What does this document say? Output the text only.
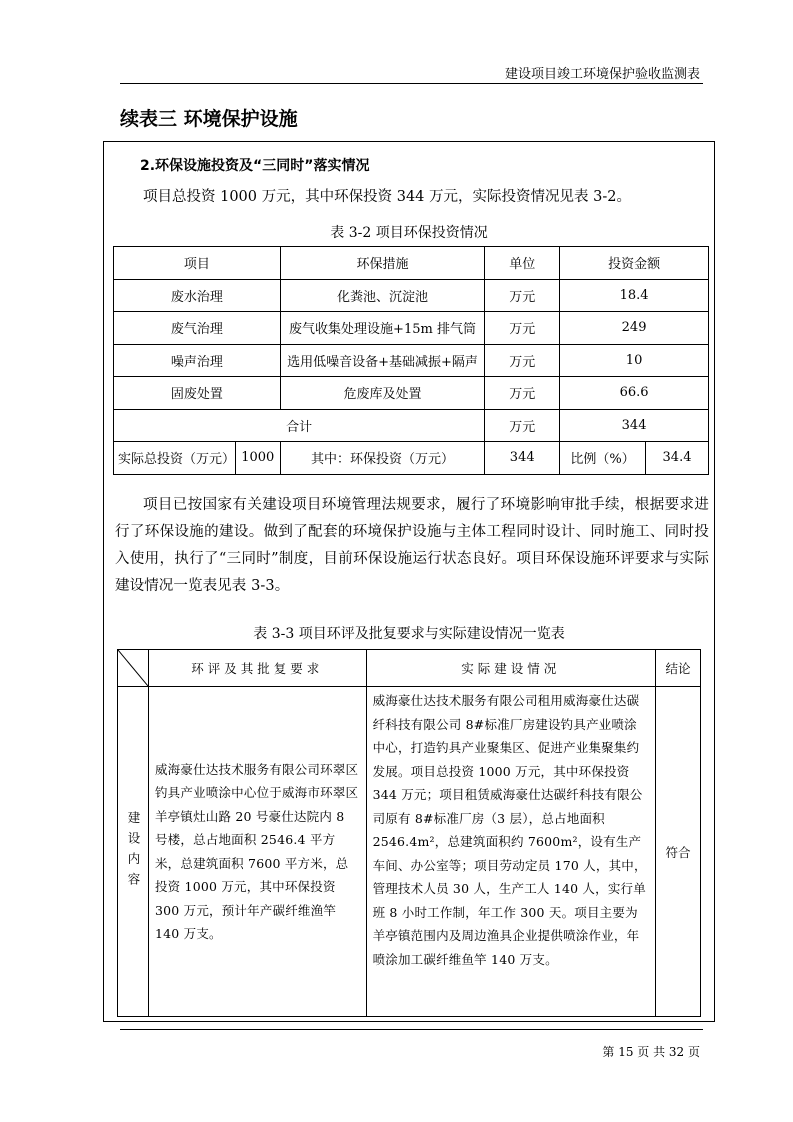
建设项目竣工环境保护验收监测表
续表三 环境保护设施
2.环保设施投资及“三同时”落实情况
项目总投资 1000 万元，其中环保投资 344 万元，实际投资情况见表 3-2。
表 3-2 项目环保投资情况
项目		环保措施	单位	投资金额	
废水治理		化粪池、沉淀池	万元	18.4	
废气治理		废气收集处理设施+15m 排气筒	万元	249	
噪声治理		选用低噪音设备+基础减振+隔声	万元	10	
固废处置		危废库及处置	万元	66.6	
合计			万元	344	
实际总投资（万元）	1000	其中：环保投资（万元）	344	比例（%）	34.4
项目已按国家有关建设项目环境管理法规要求，履行了环境影响审批手续，根据要求进行了环保设施的建设。做到了配套的环境保护设施与主体工程同时设计、同时施工、同时投入使用，执行了“三同时”制度，目前环保设施运行状态良好。项目环保设施环评要求与实际建设情况一览表见表 3-3。
表 3-3 项目环评及批复要求与实际建设情况一览表
	环评及其批复要求	实际建设情况	结论

建设内容	威海豪仕达技术服务有限公司环翠区钓具产业喷涂中心位于威海市环翠区羊亭镇灶山路 20 号豪仕达院内 8 号楼，总占地面积 2546.4 平方米，总建筑面积 7600 平方米，总投资 1000 万元，其中环保投资 300 万元，预计年产碳纤维渔竿 140 万支。	威海豪仕达技术服务有限公司租用威海豪仕达碳纤科技有限公司 8#标准厂房建设钓具产业喷涂中心，打造钓具产业聚集区、促进产业集聚集约发展。项目总投资 1000 万元，其中环保投资 344 万元；项目租赁威海豪仕达碳纤科技有限公司原有 8#标准厂房（3 层），总占地面积 2546.4m²，总建筑面积约 7600m²，设有生产车间、办公室等；项目劳动定员 170 人，其中，管理技术人员 30 人，生产工人 140 人，实行单班 8 小时工作制，年工作 300 天。项目主要为羊亭镇范围内及周边渔具企业提供喷涂作业，年喷涂加工碳纤维鱼竿 140 万支。	符合
第 15 页 共 32 页
